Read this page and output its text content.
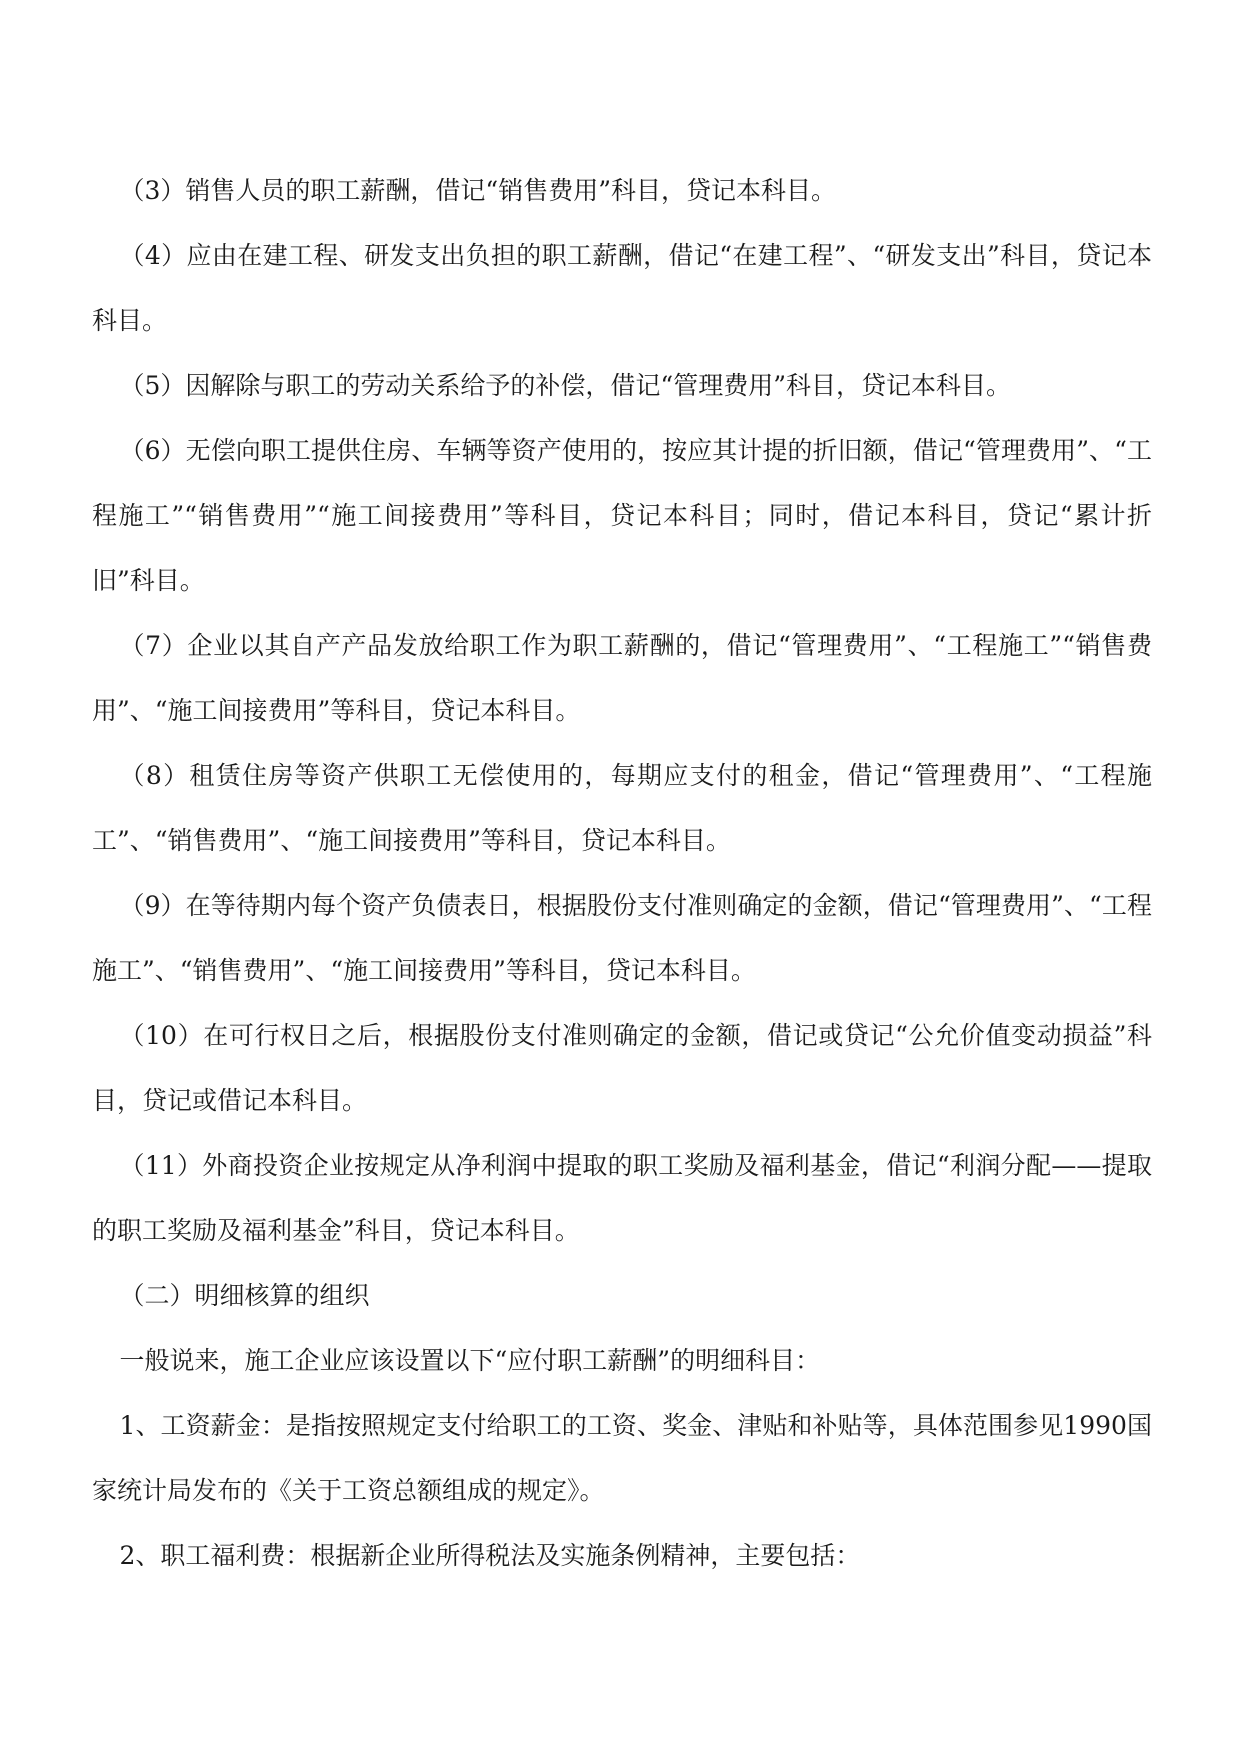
（3）销售人员的职工薪酬，借记“销售费用”科目，贷记本科目。

（4）应由在建工程、研发支出负担的职工薪酬，借记“在建工程”、“研发支出”科目，贷记本科目。

（5）因解除与职工的劳动关系给予的补偿，借记“管理费用”科目，贷记本科目。

（6）无偿向职工提供住房、车辆等资产使用的，按应其计提的折旧额，借记“管理费用”、“工程施工”“销售费用”“施工间接费用”等科目，贷记本科目；同时，借记本科目，贷记“累计折旧”科目。

（7）企业以其自产产品发放给职工作为职工薪酬的，借记“管理费用”、“工程施工”“销售费用”、“施工间接费用”等科目，贷记本科目。

（8）租赁住房等资产供职工无偿使用的，每期应支付的租金，借记“管理费用”、“工程施工”、“销售费用”、“施工间接费用”等科目，贷记本科目。

（9）在等待期内每个资产负债表日，根据股份支付准则确定的金额，借记“管理费用”、“工程施工”、“销售费用”、“施工间接费用”等科目，贷记本科目。

（10）在可行权日之后，根据股份支付准则确定的金额，借记或贷记“公允价值变动损益”科目，贷记或借记本科目。

（11）外商投资企业按规定从净利润中提取的职工奖励及福利基金，借记“利润分配——提取的职工奖励及福利基金”科目，贷记本科目。

（二）明细核算的组织

一般说来，施工企业应该设置以下“应付职工薪酬”的明细科目：

1、工资薪金：是指按照规定支付给职工的工资、奖金、津贴和补贴等，具体范围参见1990国家统计局发布的《关于工资总额组成的规定》。

2、职工福利费：根据新企业所得税法及实施条例精神，主要包括：
